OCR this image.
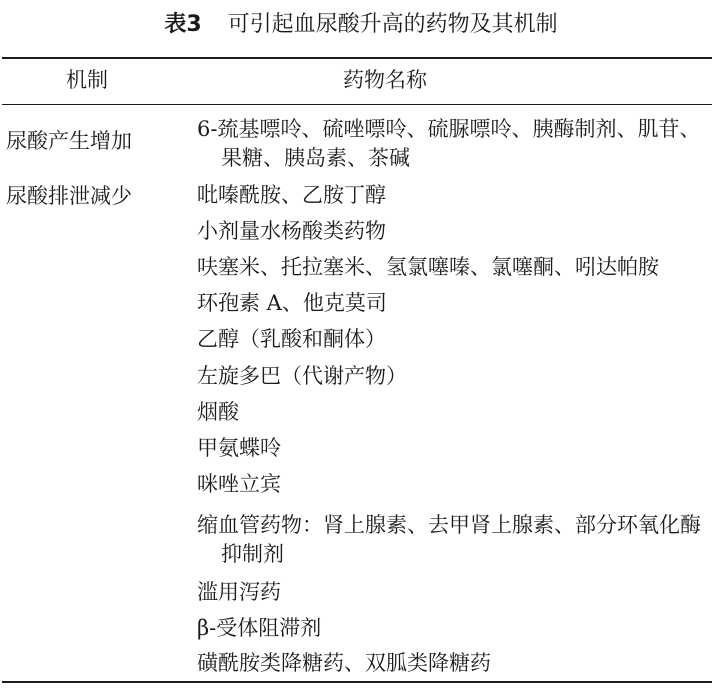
表3 可引起血尿酸升高的药物及其机制
机制	药物名称
尿酸产生增加	6-巯基嘌呤、硫唑嘌呤、硫脲嘌呤、胰酶制剂、肌苷、果糖、胰岛素、茶碱
尿酸排泄减少	吡嗪酰胺、乙胺丁醇
小剂量水杨酸类药物
呋塞米、托拉塞米、氢氯噻嗪、氯噻酮、吲达帕胺
环孢素 A、他克莫司
乙醇（乳酸和酮体）
左旋多巴（代谢产物）
烟酸
甲氨蝶呤
咪唑立宾
缩血管药物：肾上腺素、去甲肾上腺素、部分环氧化酶抑制剂
滥用泻药
β-受体阻滞剂
磺酰胺类降糖药、双胍类降糖药
